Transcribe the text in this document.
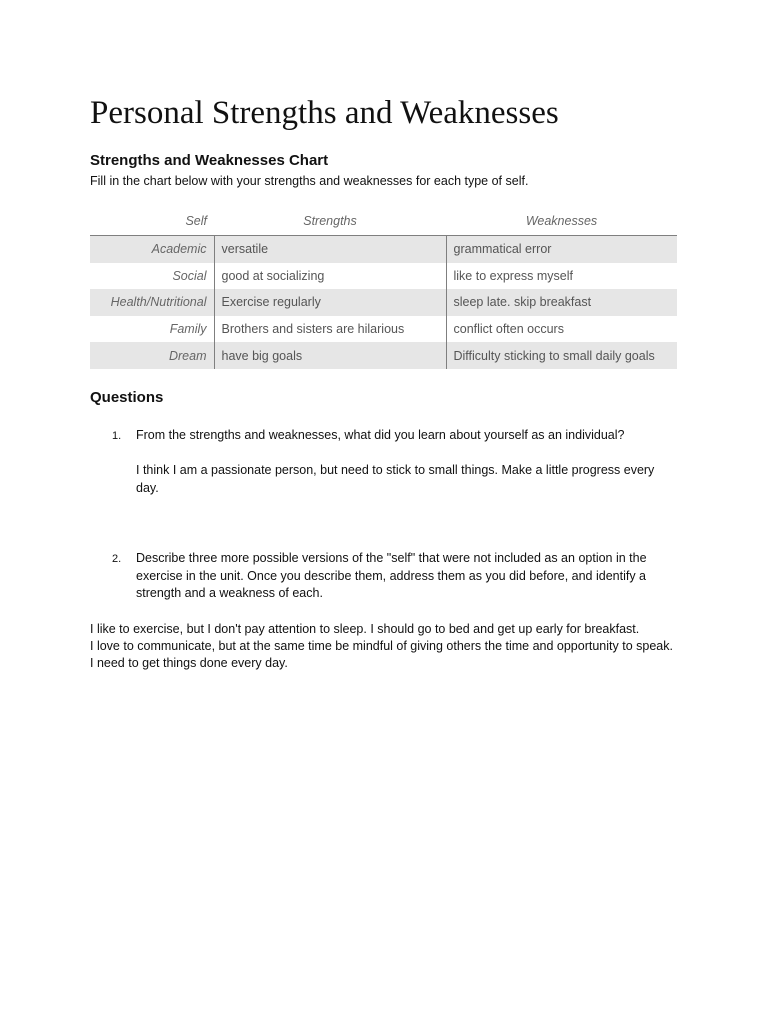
Personal Strengths and Weaknesses
Strengths and Weaknesses Chart

Fill in the chart below with your strengths and weaknesses for each type of self.

Self	Strengths	Weaknesses
Academic	versatile	grammatical error
Social	good at socializing	like to express myself
Health/Nutritional	Exercise regularly	sleep late. skip breakfast
Family	Brothers and sisters are hilarious	conflict often occurs
Dream	have big goals	Difficulty sticking to small daily goals
Questions
1. From the strengths and weaknesses, what did you learn about yourself as an individual?

I think I am a passionate person, but need to stick to small things. Make a little progress every day.

2. Describe three more possible versions of the "self" that were not included as an option in the exercise in the unit. Once you describe them, address them as you did before, and identify a strength and a weakness of each.

I like to exercise, but I don't pay attention to sleep. I should go to bed and get up early for breakfast.

I love to communicate, but at the same time be mindful of giving others the time and opportunity to speak.

I need to get things done every day.
